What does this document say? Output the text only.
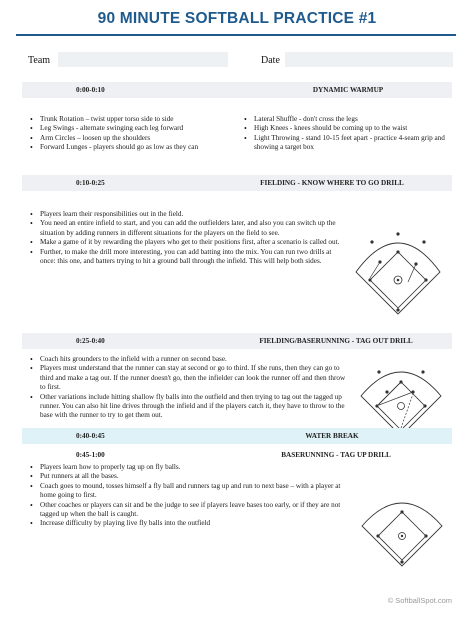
90 MINUTE SOFTBALL PRACTICE #1
Team	Date
0:00-0:10	DYNAMIC WARMUP
• Trunk Rotation – twist upper torso side to side
• Leg Swings - alternate swinging each leg forward
• Arm Circles – loosen up the shoulders
• Forward Lunges - players should go as low as they can
• Lateral Shuffle - don't cross the legs
• High Knees - knees should be coming up to the waist
• Light Throwing - stand 10-15 feet apart - practice 4-seam grip and showing a target box
0:10-0:25	FIELDING - KNOW WHERE TO GO DRILL
• Players learn their responsibilities out in the field.
• You need an entire infield to start, and you can add the outfielders later, and also you can switch up the situation by adding runners in different situations for the players on the field to see.
• Make a game of it by rewarding the players who get to their positions first, after a scenario is called out.
• Further, to make the drill more interesting, you can add batting into the mix. You can run two drills at once: this one, and batters trying to hit a ground ball through the infield. This will help both sides.
0:25-0:40	FIELDING/BASERUNNING - TAG OUT DRILL
• Coach hits grounders to the infield with a runner on second base.
• Players must understand that the runner can stay at second or go to third. If she runs, then they can go to third and make a tag out. If the runner doesn't go, then the infielder can look the runner off and then throw to first.
• Other variations include hitting shallow fly balls into the outfield and then trying to tag out the tagged up runner. You can also hit line drives through the infield and if the players catch it, they have to throw to the base with the runner to try to get them out.
0:40-0:45	WATER BREAK
0:45-1:00	BASERUNNING - TAG UP DRILL
• Players learn how to properly tag up on fly balls.
• Put runners at all the bases.
• Coach goes to mound, tosses himself a fly ball and runners tag up and run to next base – with a player at home going to first.
• Other coaches or players can sit and be the judge to see if players leave bases too early, or if they are not tagged up when the ball is caught.
• Increase difficulty by playing live fly balls into the outfield
© SoftballSpot.com
